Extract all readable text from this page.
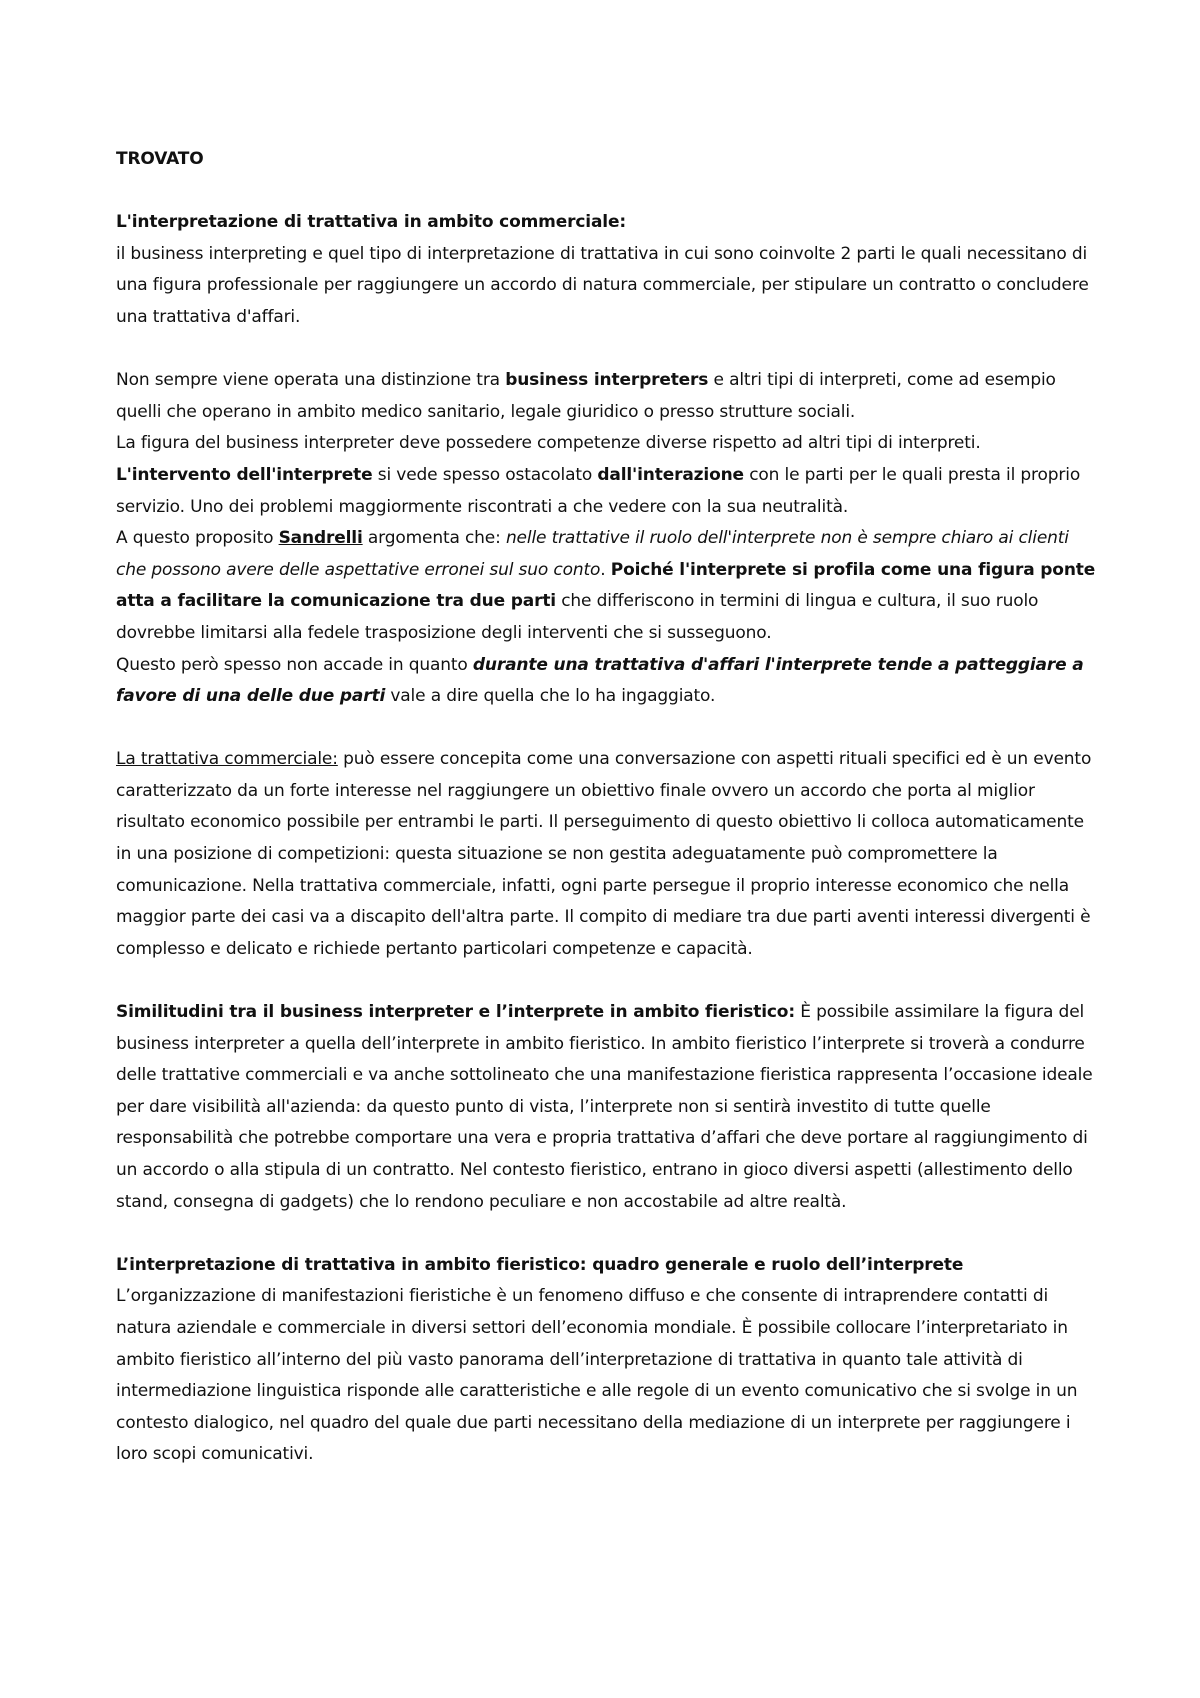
TROVATO

L'interpretazione di trattativa in ambito commerciale:
il business interpreting e quel tipo di interpretazione di trattativa in cui sono coinvolte 2 parti le quali necessitano di una figura professionale per raggiungere un accordo di natura commerciale, per stipulare un contratto o concludere una trattativa d'affari.

Non sempre viene operata una distinzione tra business interpreters e altri tipi di interpreti, come ad esempio quelli che operano in ambito medico sanitario, legale giuridico o presso strutture sociali.

La figura del business interpreter deve possedere competenze diverse rispetto ad altri tipi di interpreti.

L'intervento dell'interprete si vede spesso ostacolato dall'interazione con le parti per le quali presta il proprio servizio. Uno dei problemi maggiormente riscontrati a che vedere con la sua neutralità.

A questo proposito Sandrelli argomenta che: nelle trattative il ruolo dell'interprete non è sempre chiaro ai clienti che possono avere delle aspettative erronei sul suo conto. Poiché l'interprete si profila come una figura ponte atta a facilitare la comunicazione tra due parti che differiscono in termini di lingua e cultura, il suo ruolo dovrebbe limitarsi alla fedele trasposizione degli interventi che si susseguono.

Questo però spesso non accade in quanto durante una trattativa d'affari l'interprete tende a patteggiare a favore di una delle due parti vale a dire quella che lo ha ingaggiato.

La trattativa commerciale: può essere concepita come una conversazione con aspetti rituali specifici ed è un evento caratterizzato da un forte interesse nel raggiungere un obiettivo finale ovvero un accordo che porta al miglior risultato economico possibile per entrambi le parti. Il perseguimento di questo obiettivo li colloca automaticamente in una posizione di competizioni: questa situazione se non gestita adeguatamente può compromettere la comunicazione. Nella trattativa commerciale, infatti, ogni parte persegue il proprio interesse economico che nella maggior parte dei casi va a discapito dell'altra parte. Il compito di mediare tra due parti aventi interessi divergenti è complesso e delicato e richiede pertanto particolari competenze e capacità.

Similitudini tra il business interpreter e l’interprete in ambito fieristico: È possibile assimilare la figura del business interpreter a quella dell’interprete in ambito fieristico. In ambito fieristico l’interprete si troverà a condurre delle trattative commerciali e va anche sottolineato che una manifestazione fieristica rappresenta l’occasione ideale per dare visibilità all'azienda: da questo punto di vista, l’interprete non si sentirà investito di tutte quelle responsabilità che potrebbe comportare una vera e propria trattativa d’affari che deve portare al raggiungimento di un accordo o alla stipula di un contratto. Nel contesto fieristico, entrano in gioco diversi aspetti (allestimento dello stand, consegna di gadgets) che lo rendono peculiare e non accostabile ad altre realtà.

L’interpretazione di trattativa in ambito fieristico: quadro generale e ruolo dell’interprete L’organizzazione di manifestazioni fieristiche è un fenomeno diffuso e che consente di intraprendere contatti di natura aziendale e commerciale in diversi settori dell’economia mondiale. È possibile collocare l’interpretariato in ambito fieristico all’interno del più vasto panorama dell’interpretazione di trattativa in quanto tale attività di intermediazione linguistica risponde alle caratteristiche e alle regole di un evento comunicativo che si svolge in un contesto dialogico, nel quadro del quale due parti necessitano della mediazione di un interprete per raggiungere i loro scopi comunicativi.
